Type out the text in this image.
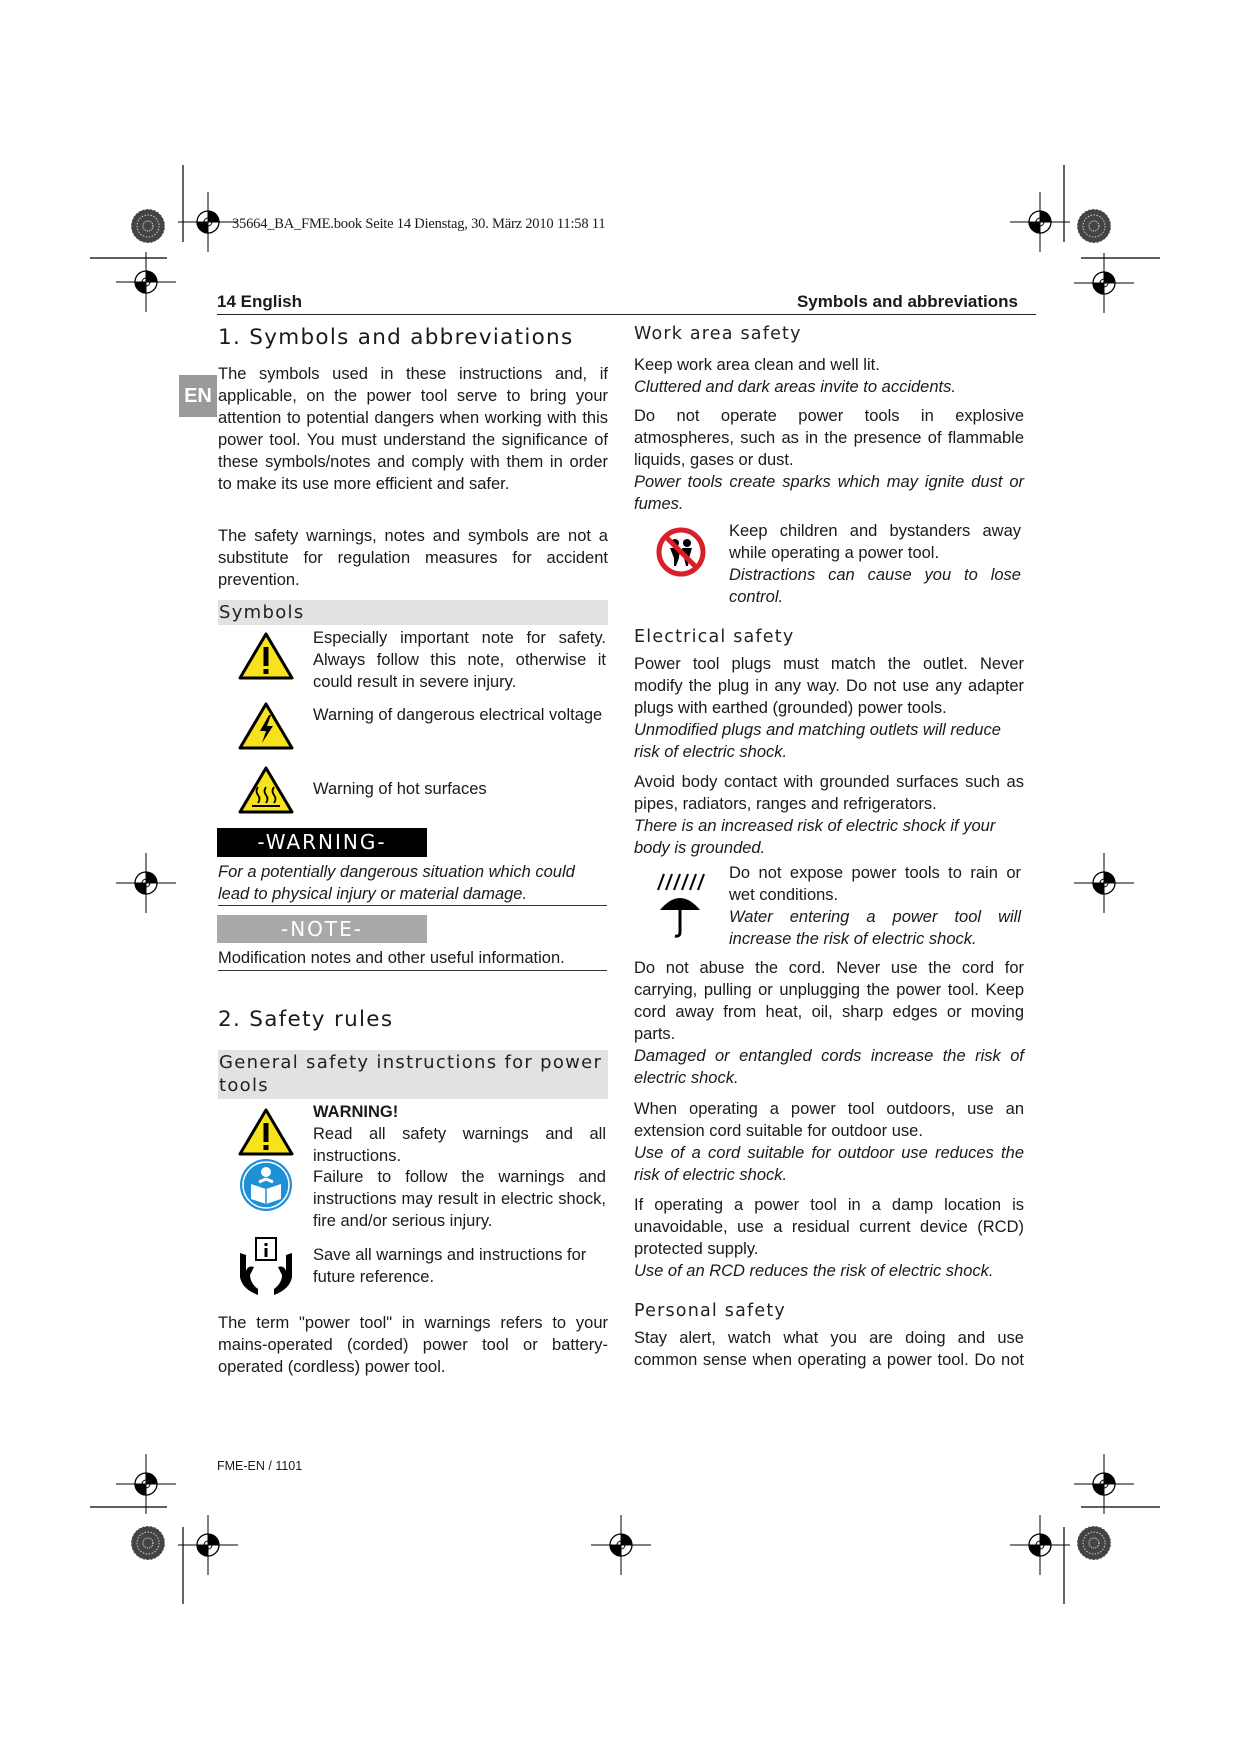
35664_BA_FME.book Seite 14 Dienstag, 30. März 2010 11:58 11
14 English	Symbols and abbreviations
EN
1. Symbols and abbreviations
The symbols used in these instructions and, if applicable, on the power tool serve to bring your attention to potential dangers when working with this power tool. You must understand the significance of these symbols/notes and comply with them in order to make its use more efficient and safer.
The safety warnings, notes and symbols are not a substitute for regulation measures for accident prevention.
Symbols
Especially important note for safety. Always follow this note, otherwise it could result in severe injury.
Warning of dangerous electrical voltage
Warning of hot surfaces
-WARNING-
For a potentially dangerous situation which could lead to physical injury or material damage.
-NOTE-
Modification notes and other useful information.
2. Safety rules
General safety instructions for power tools
WARNING!
Read all safety warnings and all instructions.
Failure to follow the warnings and instructions may result in electric shock, fire and/or serious injury.
Save all warnings and instructions for future reference.
The term "power tool" in warnings refers to your mains-operated (corded) power tool or battery-operated (cordless) power tool.
Work area safety

Keep work area clean and well lit.

Cluttered and dark areas invite to accidents.

Do not operate power tools in explosive atmospheres, such as in the presence of flammable liquids, gases or dust.

Power tools create sparks which may ignite dust or fumes.

Keep children and bystanders away while operating a power tool.

Distractions can cause you to lose control.

Electrical safety

Power tool plugs must match the outlet. Never modify the plug in any way. Do not use any adapter plugs with earthed (grounded) power tools.

Unmodified plugs and matching outlets will reduce risk of electric shock.

Avoid body contact with grounded surfaces such as pipes, radiators, ranges and refrigerators.

There is an increased risk of electric shock if your body is grounded.

Do not expose power tools to rain or wet conditions.

Water entering a power tool will increase the risk of electric shock.

Do not abuse the cord. Never use the cord for carrying, pulling or unplugging the power tool. Keep cord away from heat, oil, sharp edges or moving parts.

Damaged or entangled cords increase the risk of electric shock.

When operating a power tool outdoors, use an extension cord suitable for outdoor use.

Use of a cord suitable for outdoor use reduces the risk of electric shock.

If operating a power tool in a damp location is unavoidable, use a residual current device (RCD) protected supply.

Use of an RCD reduces the risk of electric shock.

Personal safety
Stay alert, watch what you are doing and use common sense when operating a power tool. Do not
FME-EN / 1101
